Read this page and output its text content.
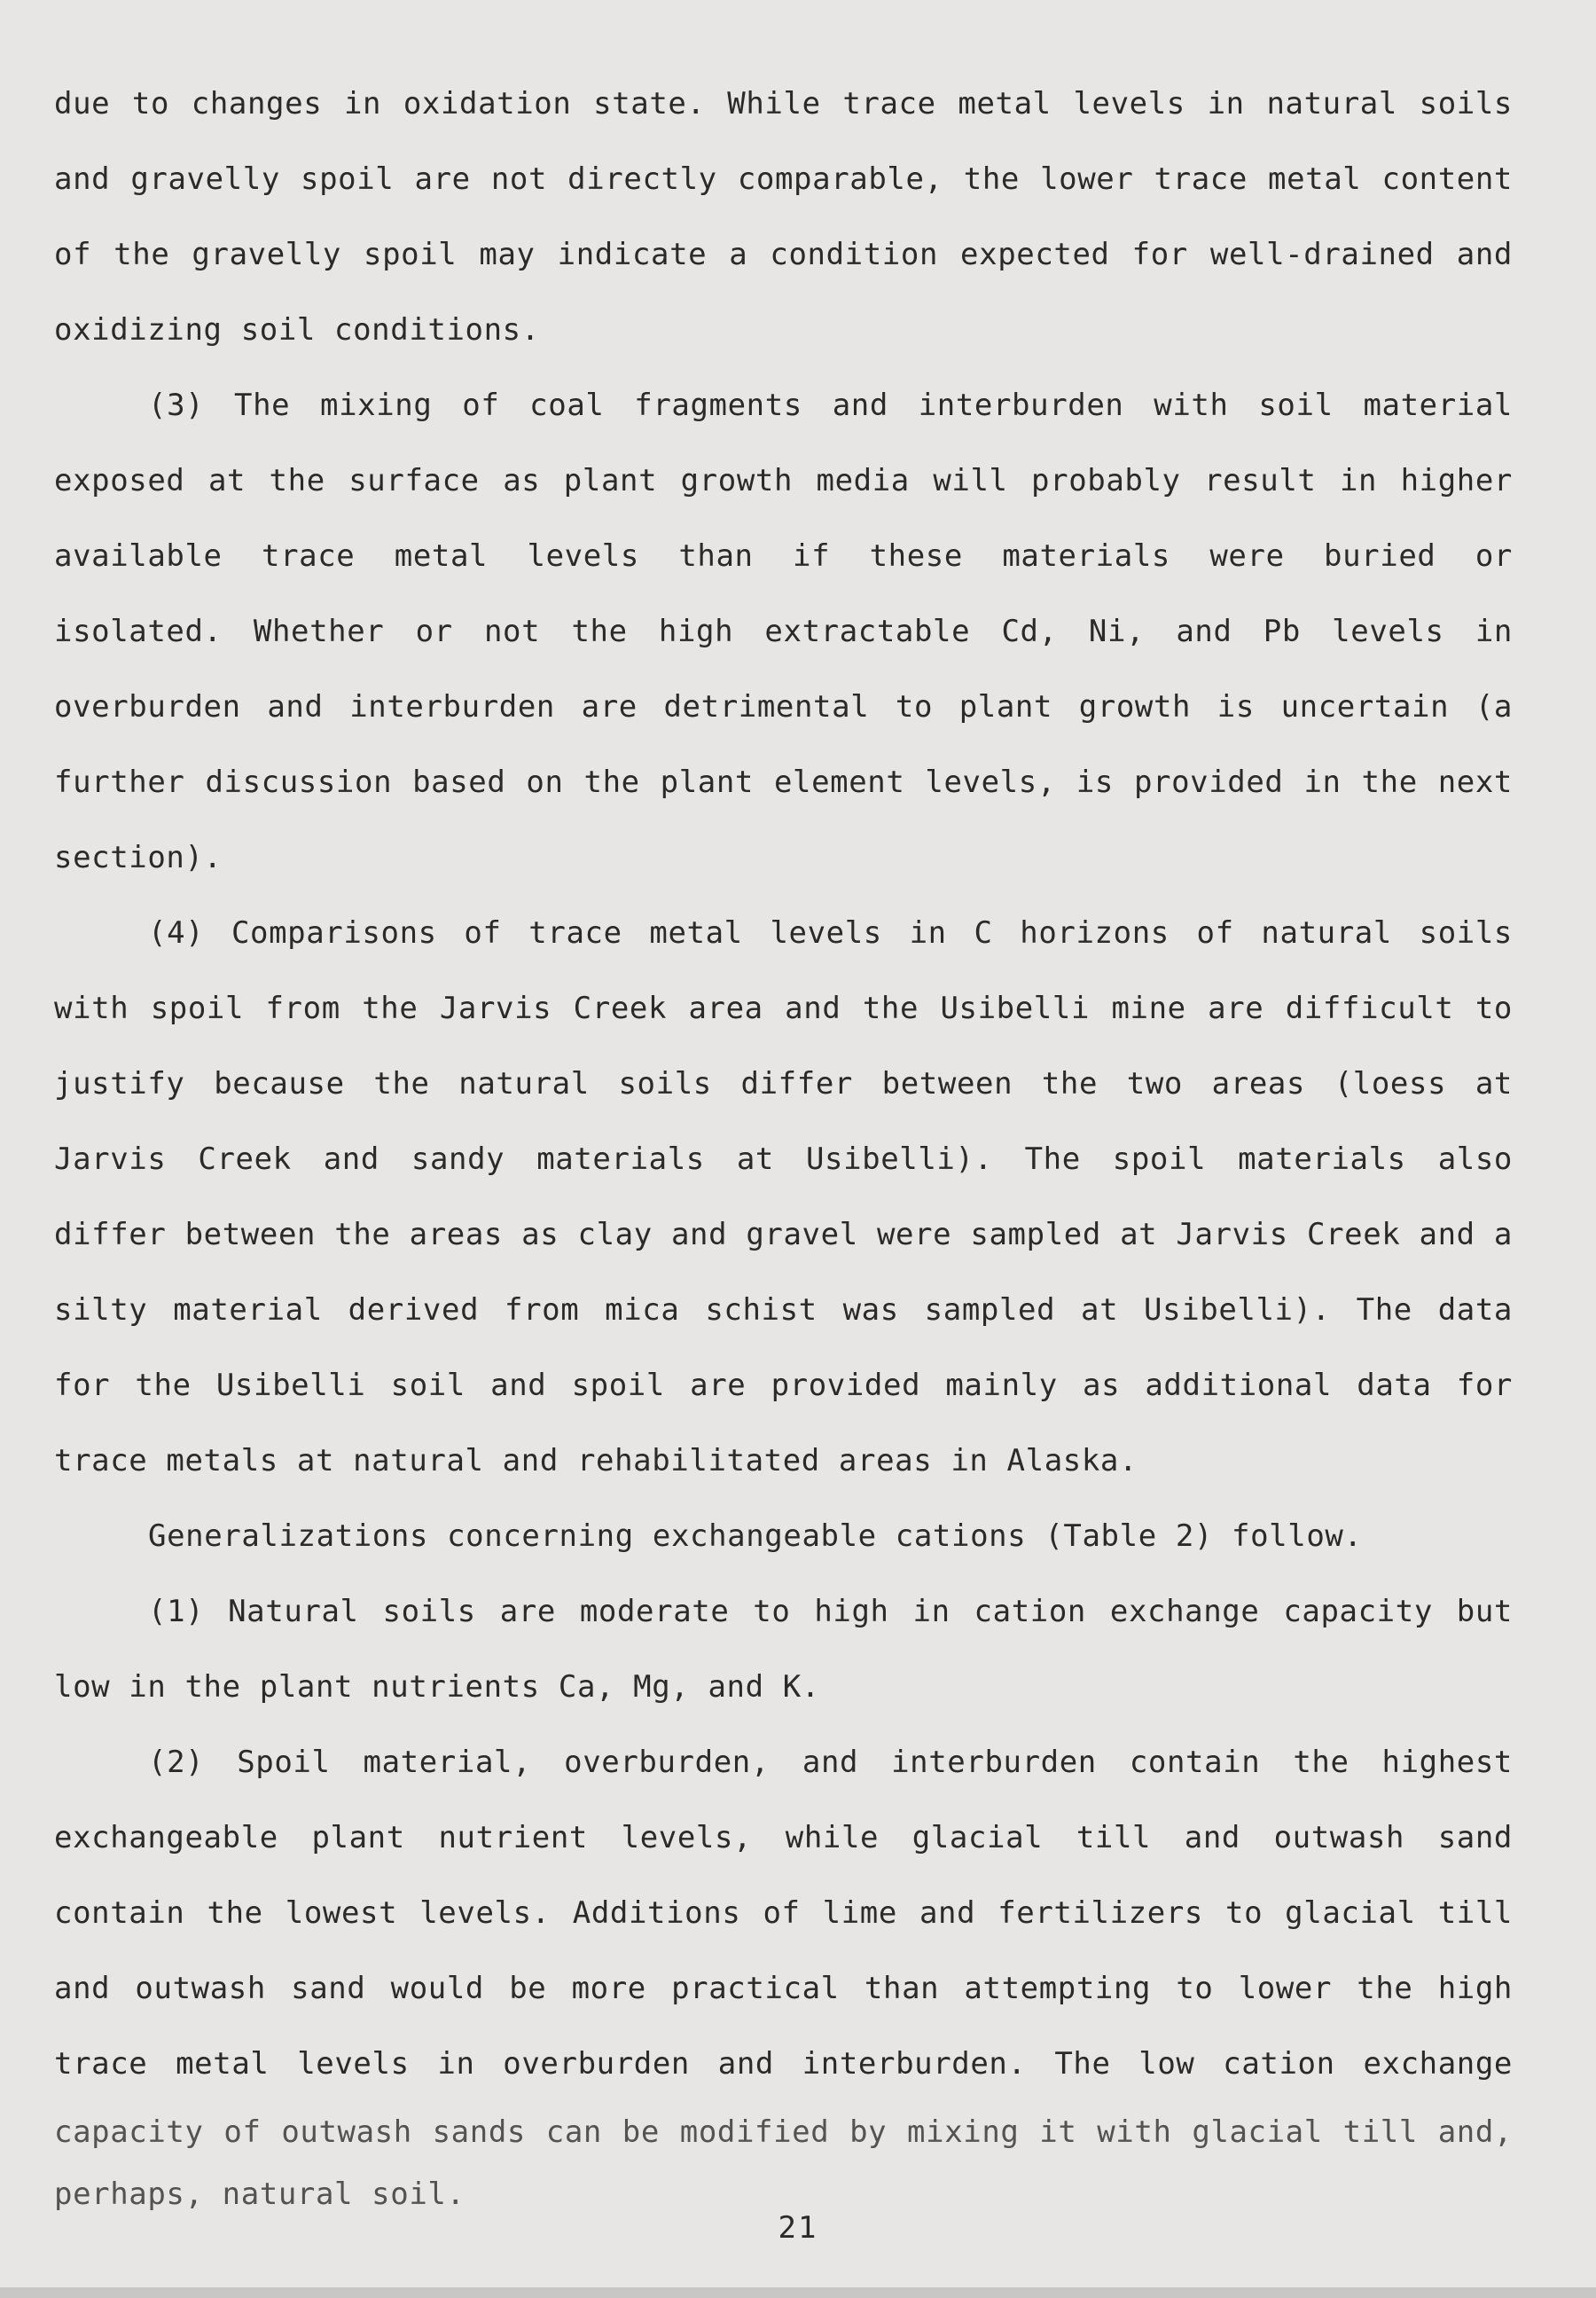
due to changes in oxidation state. While trace metal levels in natural soils
and gravelly spoil are not directly comparable, the lower trace metal content
of the gravelly spoil may indicate a condition expected for well-drained and
oxidizing soil conditions.
(3) The mixing of coal fragments and interburden with soil material
exposed at the surface as plant growth media will probably result in higher
available trace metal levels than if these materials were buried or
isolated. Whether or not the high extractable Cd, Ni, and Pb levels in
overburden and interburden are detrimental to plant growth is uncertain (a
further discussion based on the plant element levels, is provided in the next
section).
(4) Comparisons of trace metal levels in C horizons of natural soils
with spoil from the Jarvis Creek area and the Usibelli mine are difficult to
justify because the natural soils differ between the two areas (loess at
Jarvis Creek and sandy materials at Usibelli). The spoil materials also
differ between the areas as clay and gravel were sampled at Jarvis Creek and a
silty material derived from mica schist was sampled at Usibelli). The data
for the Usibelli soil and spoil are provided mainly as additional data for
trace metals at natural and rehabilitated areas in Alaska.
Generalizations concerning exchangeable cations (Table 2) follow.
(1) Natural soils are moderate to high in cation exchange capacity but
low in the plant nutrients Ca, Mg, and K.
(2) Spoil material, overburden, and interburden contain the highest
exchangeable plant nutrient levels, while glacial till and outwash sand
contain the lowest levels. Additions of lime and fertilizers to glacial till
and outwash sand would be more practical than attempting to lower the high
trace metal levels in overburden and interburden. The low cation exchange
capacity of outwash sands can be modified by mixing it with glacial till and,
perhaps, natural soil.
21
